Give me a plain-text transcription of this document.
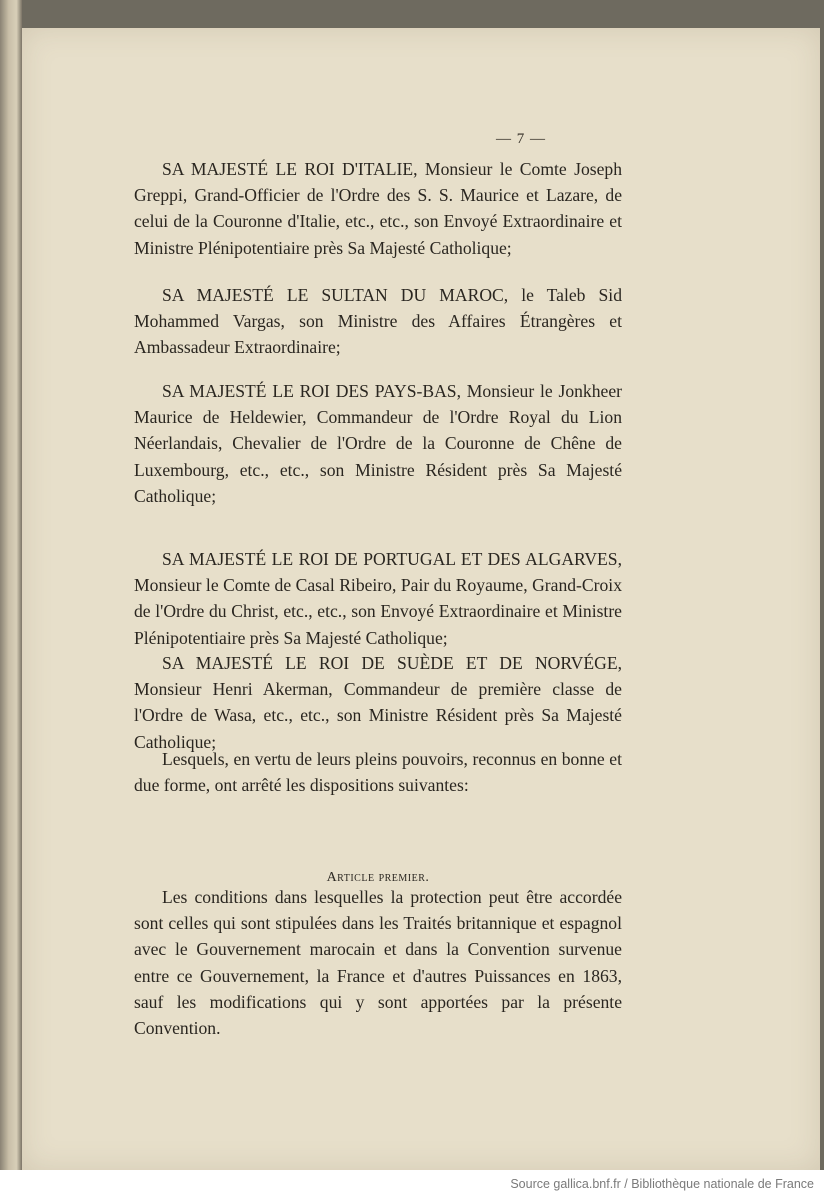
— 7 —

SA MAJESTÉ LE ROI D'ITALIE, Monsieur le Comte Joseph Greppi, Grand-Officier de l'Ordre des S. S. Maurice et Lazare, de celui de la Couronne d'Italie, etc., etc., son Envoyé Extraordinaire et Ministre Plénipotentiaire près Sa Majesté Catholique;

SA MAJESTÉ LE SULTAN DU MAROC, le Taleb Sid Mohammed Vargas, son Ministre des Affaires Étrangères et Ambassadeur Extraordinaire;

SA MAJESTÉ LE ROI DES PAYS-BAS, Monsieur le Jonkheer Maurice de Heldewier, Commandeur de l'Ordre Royal du Lion Néerlandais, Chevalier de l'Ordre de la Couronne de Chêne de Luxembourg, etc., etc., son Ministre Résident près Sa Majesté Catholique;

SA MAJESTÉ LE ROI DE PORTUGAL ET DES ALGARVES, Monsieur le Comte de Casal Ribeiro, Pair du Royaume, Grand-Croix de l'Ordre du Christ, etc., etc., son Envoyé Extraordinaire et Ministre Plénipotentiaire près Sa Majesté Catholique;

SA MAJESTÉ LE ROI DE SUÈDE ET DE NORVÉGE, Monsieur Henri Akerman, Commandeur de première classe de l'Ordre de Wasa, etc., etc., son Ministre Résident près Sa Majesté Catholique;

Lesquels, en vertu de leurs pleins pouvoirs, reconnus en bonne et due forme, ont arrêté les dispositions suivantes:

Article premier.

Les conditions dans lesquelles la protection peut être accordée sont celles qui sont stipulées dans les Traités britannique et espagnol avec le Gouvernement marocain et dans la Convention survenue entre ce Gouvernement, la France et d'autres Puissances en 1863, sauf les modifications qui y sont apportées par la présente Convention.

Source gallica.bnf.fr / Bibliothèque nationale de France
